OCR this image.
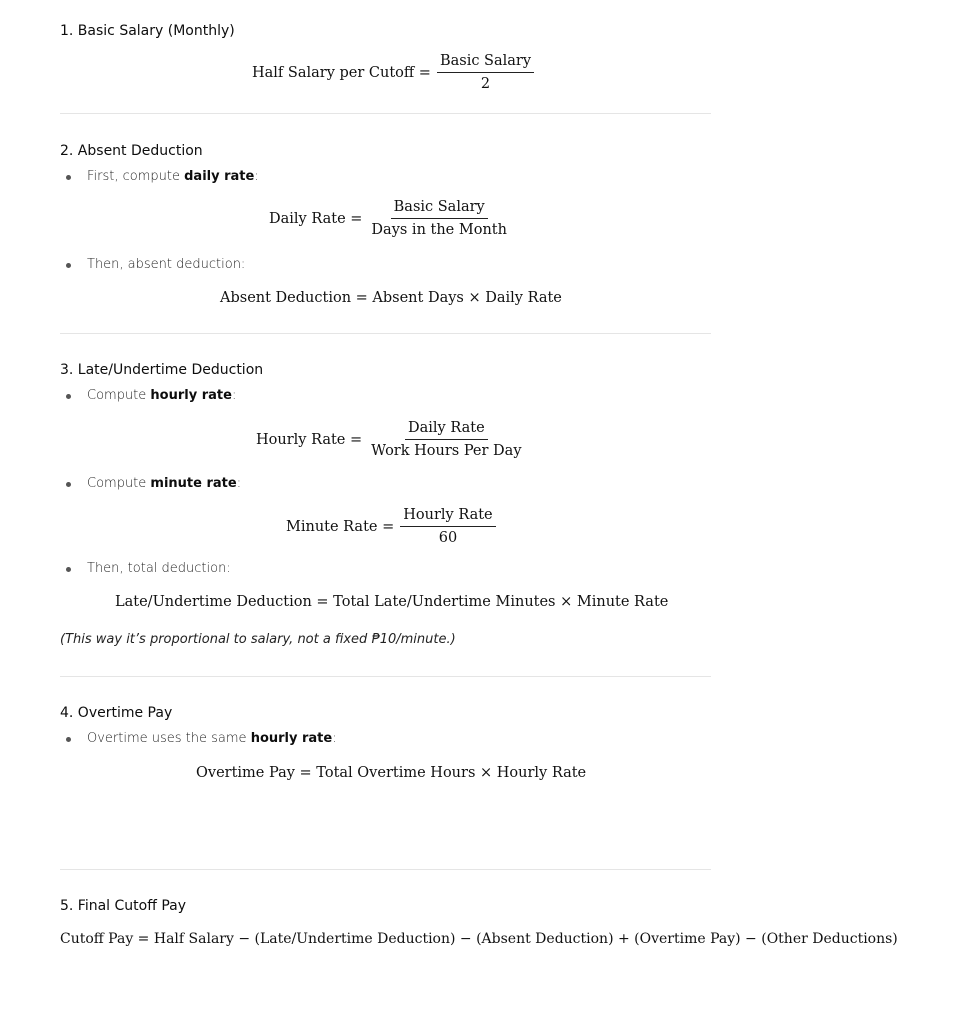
1. Basic Salary (Monthly)
Half Salary per Cutoff = $\frac{\text{Basic Salary}}{2}$
2. Absent Deduction
First, compute daily rate:
Daily Rate = $\frac{\text{Basic Salary}}{\text{Days in the Month}}$
Then, absent deduction:
Absent Deduction = Absent Days × Daily Rate
3. Late/Undertime Deduction
Compute hourly rate:
Hourly Rate = $\frac{\text{Daily Rate}}{\text{Work Hours Per Day}}$
Compute minute rate:
Minute Rate = $\frac{\text{Hourly Rate}}{60}$
Then, total deduction:
Late/Undertime Deduction = Total Late/Undertime Minutes × Minute Rate
(This way it’s proportional to salary, not a fixed ₱10/minute.)
4. Overtime Pay
Overtime uses the same hourly rate:
Overtime Pay = Total Overtime Hours × Hourly Rate
5. Final Cutoff Pay
Cutoff Pay = Half Salary − (Late/Undertime Deduction) − (Absent Deduction) + (Overtime Pay) − (Other Deductions)
